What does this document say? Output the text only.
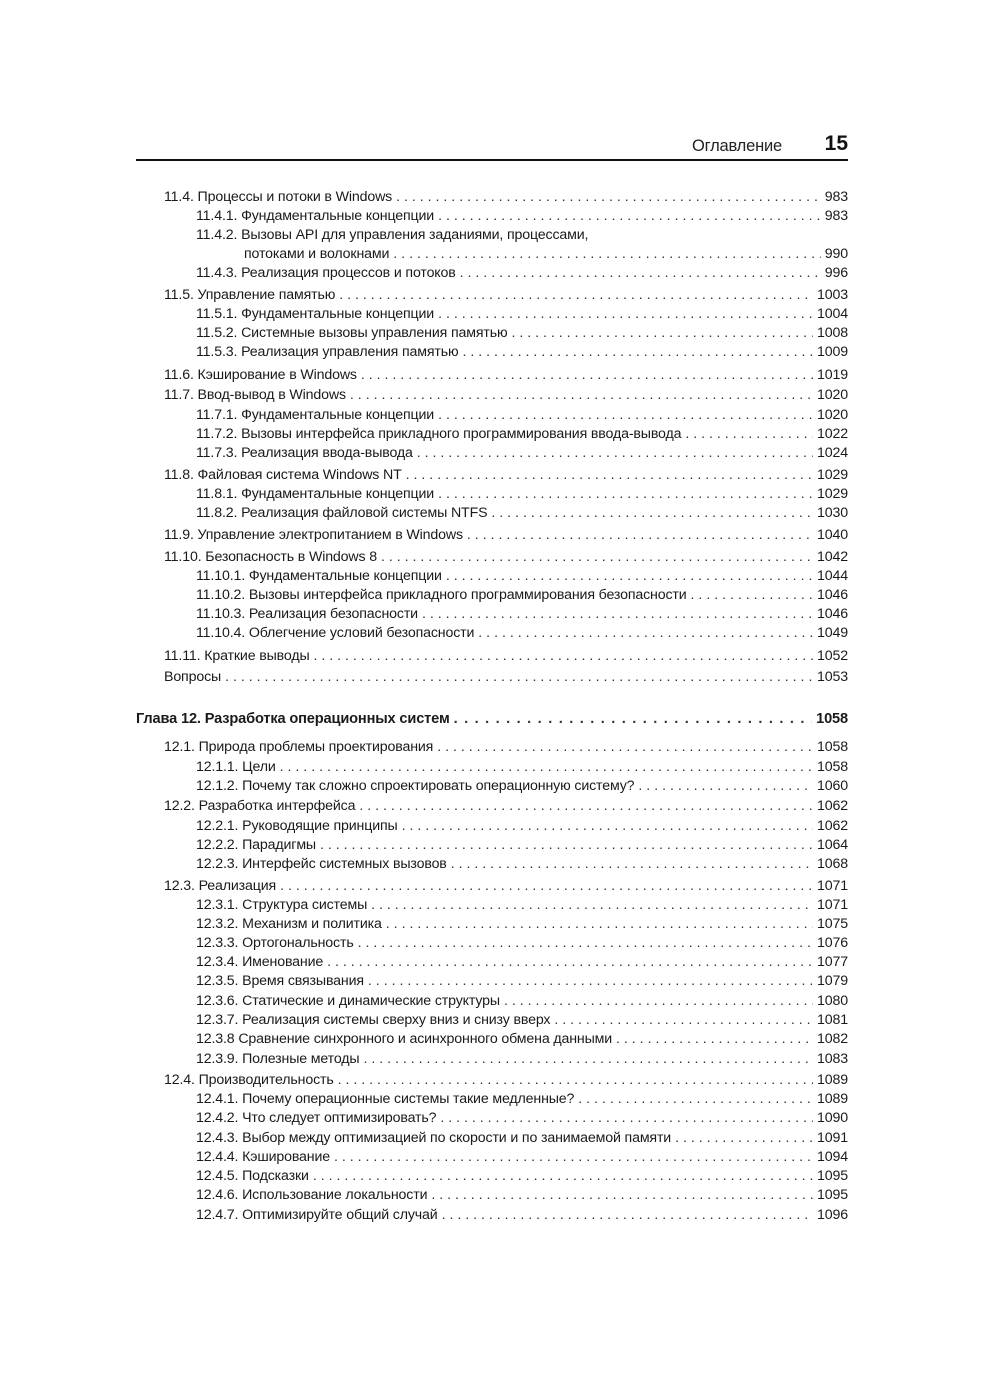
Оглавление 15
11.4. Процессы и потоки в Windows . . .	983
11.4.1. Фундаментальные концепции . . .	983
11.4.2. Вызовы API для управления заданиями, процессами,
потоками и волокнами . . .	990
11.4.3. Реализация процессов и потоков . . .	996
11.5. Управление памятью . . .	1003
11.5.1. Фундаментальные концепции . . .	1004
11.5.2. Системные вызовы управления памятью . . .	1008
11.5.3. Реализация управления памятью . . .	1009
11.6. Кэширование в Windows . . .	1019
11.7. Ввод-вывод в Windows . . .	1020
11.7.1. Фундаментальные концепции . . .	1020
11.7.2. Вызовы интерфейса прикладного программирования ввода-вывода . . .	1022
11.7.3. Реализация ввода-вывода . . .	1024
11.8. Файловая система Windows NT . . .	1029
11.8.1. Фундаментальные концепции . . .	1029
11.8.2. Реализация файловой системы NTFS . . .	1030
11.9. Управление электропитанием в Windows . . .	1040
11.10. Безопасность в Windows 8 . . .	1042
11.10.1. Фундаментальные концепции . . .	1044
11.10.2. Вызовы интерфейса прикладного программирования безопасности . . .	1046
11.10.3. Реализация безопасности . . .	1046
11.10.4. Облегчение условий безопасности . . .	1049
11.11. Краткие выводы . . .	1052
Вопросы . . .	1053
Глава 12. Разработка операционных систем . . .	1058
12.1. Природа проблемы проектирования . . .	1058
12.1.1. Цели . . .	1058
12.1.2. Почему так сложно спроектировать операционную систему? . . .	1060
12.2. Разработка интерфейса . . .	1062
12.2.1. Руководящие принципы . . .	1062
12.2.2. Парадигмы . . .	1064
12.2.3. Интерфейс системных вызовов . . .	1068
12.3. Реализация . . .	1071
12.3.1. Структура системы . . .	1071
12.3.2. Механизм и политика . . .	1075
12.3.3. Ортогональность . . .	1076
12.3.4. Именование . . .	1077
12.3.5. Время связывания . . .	1079
12.3.6. Статические и динамические структуры . . .	1080
12.3.7. Реализация системы сверху вниз и снизу вверх . . .	1081
12.3.8 Сравнение синхронного и асинхронного обмена данными . . .	1082
12.3.9. Полезные методы . . .	1083
12.4. Производительность . . .	1089
12.4.1. Почему операционные системы такие медленные? . . .	1089
12.4.2. Что следует оптимизировать? . . .	1090
12.4.3. Выбор между оптимизацией по скорости и по занимаемой памяти . . .	1091
12.4.4. Кэширование . . .	1094
12.4.5. Подсказки . . .	1095
12.4.6. Использование локальности . . .	1095
12.4.7. Оптимизируйте общий случай . . .	1096
